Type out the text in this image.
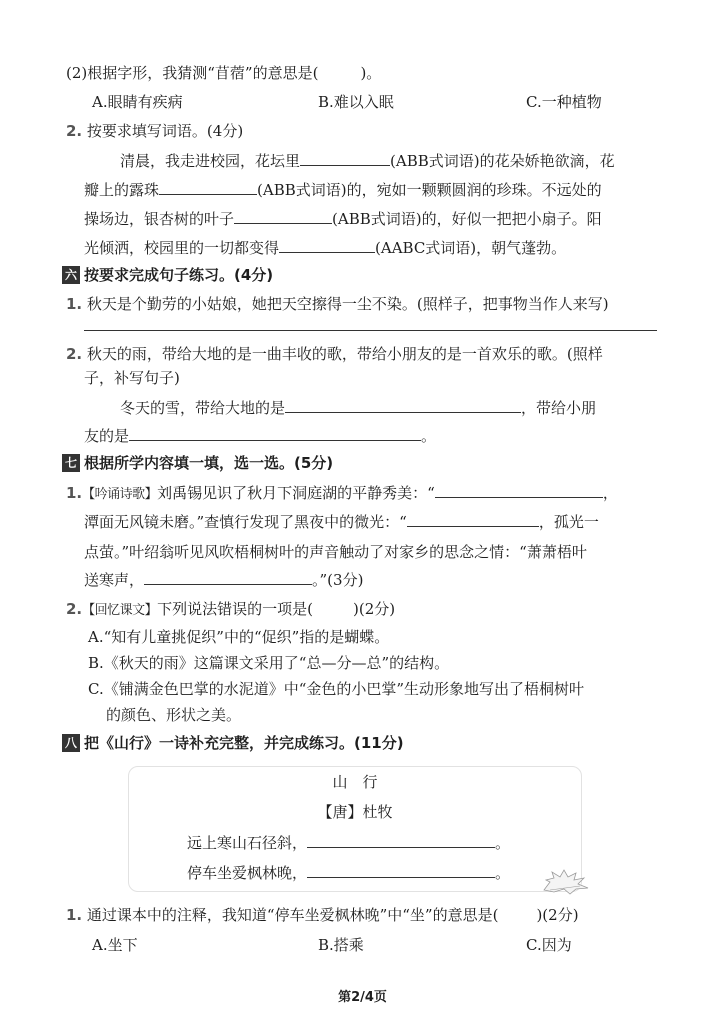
(2)根据字形，我猜测“苜蓿”的意思是(	)。
A.眼睛有疾病	B.难以入眠	C.一种植物
2. 按要求填写词语。(4分)
清晨，我走进校园，花坛里	(ABB式词语)的花朵娇艳欲滴，花
瓣上的露珠	(ABB式词语)的，宛如一颗颗圆润的珍珠。不远处的
操场边，银杏树的叶子	(ABB式词语)的，好似一把把小扇子。阳
光倾洒，校园里的一切都变得	(AABC式词语)，朝气蓬勃。
六 按要求完成句子练习。(4分)
1. 秋天是个勤劳的小姑娘，她把天空擦得一尘不染。(照样子，把事物当作人来写)
2. 秋天的雨，带给大地的是一曲丰收的歌，带给小朋友的是一首欢乐的歌。(照样
子，补写句子)
冬天的雪，带给大地的是	，带给小朋
友的是	。
七 根据所学内容填一填，选一选。(5分)
1.【吟诵诗歌】刘禹锡见识了秋月下洞庭湖的平静秀美：“	，
潭面无风镜未磨。”查慎行发现了黑夜中的微光：“	，孤光一
点萤。”叶绍翁听见风吹梧桐树叶的声音触动了对家乡的思念之情：“萧萧梧叶
送寒声，	。”(3分)
2.【回忆课文】下列说法错误的一项是(	)(2分)
A.“知有儿童挑促织”中的“促织”指的是蝴蝶。
B.《秋天的雨》这篇课文采用了“总—分—总”的结构。
C.《铺满金色巴掌的水泥道》中“金色的小巴掌”生动形象地写出了梧桐树叶
的颜色、形状之美。
八 把《山行》一诗补充完整，并完成练习。(11分)
山　行
【唐】杜牧
远上寒山石径斜，	。
停车坐爱枫林晚，	。
1. 通过课本中的注释，我知道“停车坐爱枫林晚”中“坐”的意思是(	)(2分)
A.坐下	B.搭乘	C.因为
第2/4页
